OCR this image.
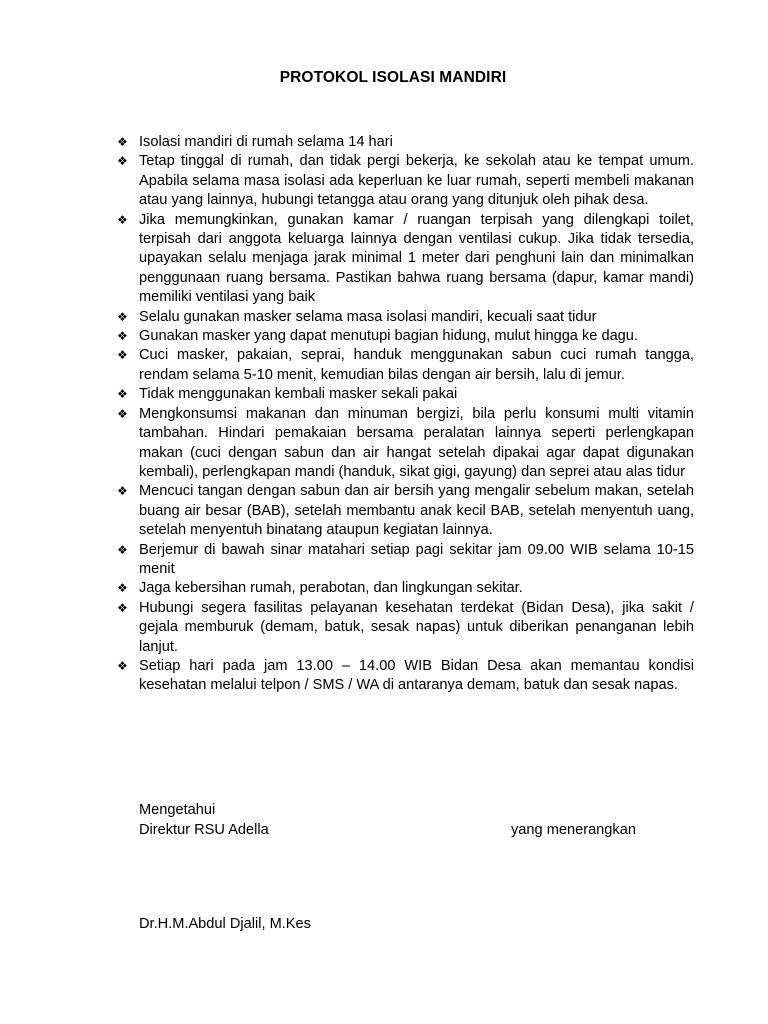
PROTOKOL ISOLASI MANDIRI
❖ Isolasi mandiri di rumah selama 14 hari
❖ Tetap tinggal di rumah, dan tidak pergi bekerja, ke sekolah atau ke tempat umum. Apabila selama masa isolasi ada keperluan ke luar rumah, seperti membeli makanan atau yang lainnya, hubungi tetangga atau orang yang ditunjuk oleh pihak desa.
❖ Jika memungkinkan, gunakan kamar / ruangan terpisah yang dilengkapi toilet, terpisah dari anggota keluarga lainnya dengan ventilasi cukup. Jika tidak tersedia, upayakan selalu menjaga jarak minimal 1 meter dari penghuni lain dan minimalkan penggunaan ruang bersama. Pastikan bahwa ruang bersama (dapur, kamar mandi) memiliki ventilasi yang baik
❖ Selalu gunakan masker selama masa isolasi mandiri, kecuali saat tidur
❖ Gunakan masker yang dapat menutupi bagian hidung, mulut hingga ke dagu.
❖ Cuci masker, pakaian, seprai, handuk menggunakan sabun cuci rumah tangga, rendam selama 5-10 menit, kemudian bilas dengan air bersih, lalu di jemur.
❖ Tidak menggunakan kembali masker sekali pakai
❖ Mengkonsumsi makanan dan minuman bergizi, bila perlu konsumi multi vitamin tambahan. Hindari pemakaian bersama peralatan lainnya seperti perlengkapan makan (cuci dengan sabun dan air hangat setelah dipakai agar dapat digunakan kembali), perlengkapan mandi (handuk, sikat gigi, gayung) dan seprei atau alas tidur
❖ Mencuci tangan dengan sabun dan air bersih yang mengalir sebelum makan, setelah buang air besar (BAB), setelah membantu anak kecil BAB, setelah menyentuh uang, setelah menyentuh binatang ataupun kegiatan lainnya.
❖ Berjemur di bawah sinar matahari setiap pagi sekitar jam 09.00 WIB selama 10-15 menit
❖ Jaga kebersihan rumah, perabotan, dan lingkungan sekitar.
❖ Hubungi segera fasilitas pelayanan kesehatan terdekat (Bidan Desa), jika sakit / gejala memburuk (demam, batuk, sesak napas) untuk diberikan penanganan lebih lanjut.
❖ Setiap hari pada jam 13.00 – 14.00 WIB Bidan Desa akan memantau kondisi kesehatan melalui telpon / SMS / WA di antaranya demam, batuk dan sesak napas.
Mengetahui
Direktur RSU Adella	yang menerangkan
Dr.H.M.Abdul Djalil, M.Kes
